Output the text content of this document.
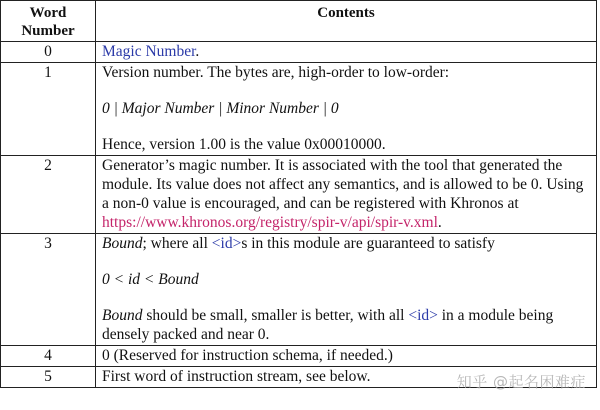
Word
Number	Contents
0	Magic Number.
1	Version number. The bytes are, high-order to low-order:
0 | Major Number | Minor Number | 0
Hence, version 1.00 is the value 0x00010000.

2	Generator’s magic number. It is associated with the tool that generated the module. Its value does not affect any semantics, and is allowed to be 0. Using a non-0 value is encouraged, and can be registered with Khronos at https://www.khronos.org/registry/spir-v/api/spir-v.xml.
3	Bound; where all <id>s in this module are guaranteed to satisfy
0 < id < Bound
Bound should be small, smaller is better, with all <id> in a module being densely packed and near 0.

4	0 (Reserved for instruction schema, if needed.)
5	First word of instruction stream, see below.	知乎 @起名困难症
